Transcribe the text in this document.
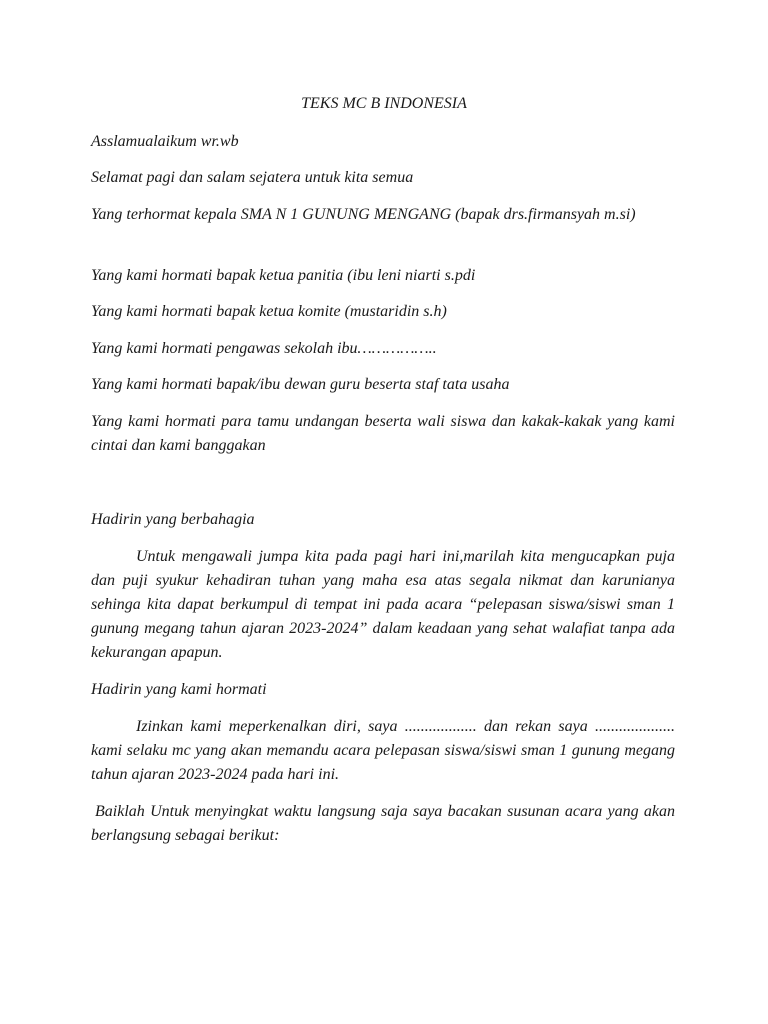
TEKS MC B INDONESIA

Asslamualaikum wr.wb

Selamat pagi dan salam sejatera untuk kita semua

Yang terhormat kepala SMA N 1 GUNUNG MENGANG (bapak drs.firmansyah m.si)

Yang kami hormati bapak ketua panitia (ibu leni niarti s.pdi

Yang kami hormati bapak ketua komite (mustaridin s.h)

Yang kami hormati pengawas sekolah ibu……………..

Yang kami hormati bapak/ibu dewan guru beserta staf tata usaha

Yang kami hormati para tamu undangan beserta wali siswa dan kakak-kakak yang kami cintai dan kami banggakan

Hadirin yang berbahagia

Untuk mengawali jumpa kita pada pagi hari ini,marilah kita mengucapkan puja dan puji syukur kehadiran tuhan yang maha esa atas segala nikmat dan karunianya sehinga kita dapat berkumpul di tempat ini pada acara “pelepasan siswa/siswi sman 1 gunung megang tahun ajaran 2023-2024” dalam keadaan yang sehat walafiat tanpa ada kekurangan apapun.

Hadirin yang kami hormati

Izinkan kami meperkenalkan diri, saya .................. dan rekan saya .................... kami selaku mc yang akan memandu acara pelepasan siswa/siswi sman 1 gunung megang tahun ajaran 2023-2024 pada hari ini.

Baiklah Untuk menyingkat waktu langsung saja saya bacakan susunan acara yang akan berlangsung sebagai berikut:
